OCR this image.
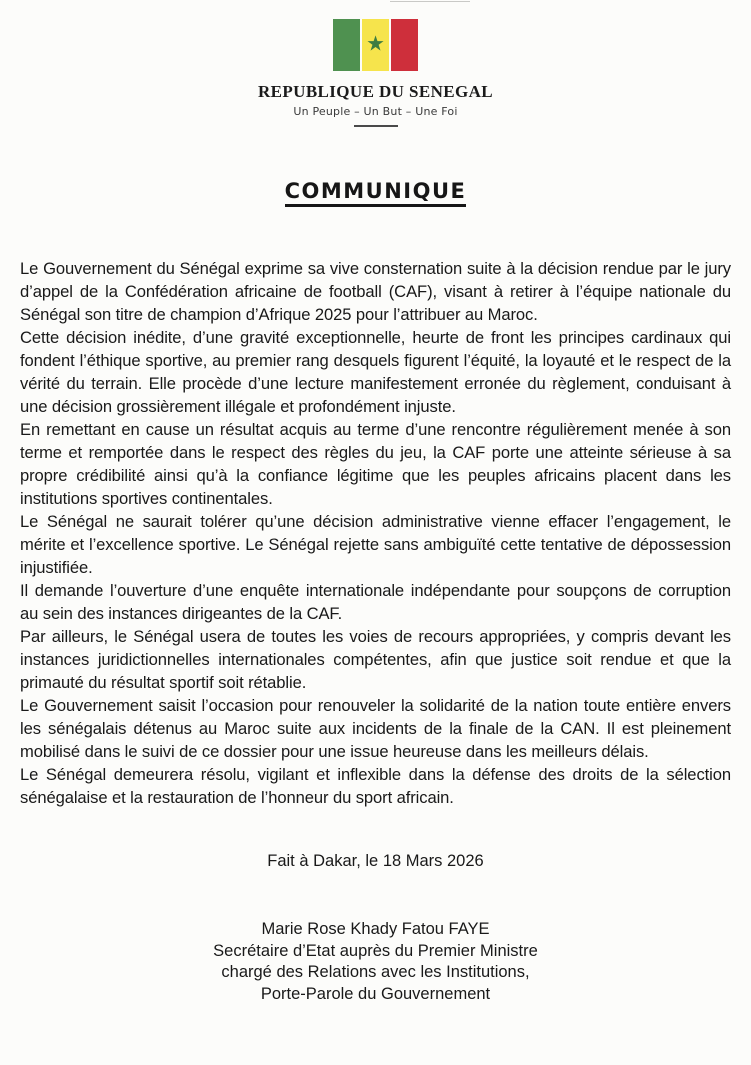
★
REPUBLIQUE DU SENEGAL
Un Peuple – Un But – Une Foi
COMMUNIQUE

Le Gouvernement du Sénégal exprime sa vive consternation suite à la décision rendue par le jury d’appel de la Confédération africaine de football (CAF), visant à retirer à l’équipe nationale du Sénégal son titre de champion d’Afrique 2025 pour l’attribuer au Maroc.

Cette décision inédite, d’une gravité exceptionnelle, heurte de front les principes cardinaux qui fondent l’éthique sportive, au premier rang desquels figurent l’équité, la loyauté et le respect de la vérité du terrain. Elle procède d’une lecture manifestement erronée du règlement, conduisant à une décision grossièrement illégale et profondément injuste.

En remettant en cause un résultat acquis au terme d’une rencontre régulièrement menée à son terme et remportée dans le respect des règles du jeu, la CAF porte une atteinte sérieuse à sa propre crédibilité ainsi qu’à la confiance légitime que les peuples africains placent dans les institutions sportives continentales.

Le Sénégal ne saurait tolérer qu’une décision administrative vienne effacer l’engagement, le mérite et l’excellence sportive. Le Sénégal rejette sans ambiguïté cette tentative de dépossession injustifiée.

Il demande l’ouverture d’une enquête internationale indépendante pour soupçons de corruption au sein des instances dirigeantes de la CAF.

Par ailleurs, le Sénégal usera de toutes les voies de recours appropriées, y compris devant les instances juridictionnelles internationales compétentes, afin que justice soit rendue et que la primauté du résultat sportif soit rétablie.

Le Gouvernement saisit l’occasion pour renouveler la solidarité de la nation toute entière envers les sénégalais détenus au Maroc suite aux incidents de la finale de la CAN. Il est pleinement mobilisé dans le suivi de ce dossier pour une issue heureuse dans les meilleurs délais.

Le Sénégal demeurera résolu, vigilant et inflexible dans la défense des droits de la sélection sénégalaise et la restauration de l’honneur du sport africain.

Fait à Dakar, le 18 Mars 2026
Marie Rose Khady Fatou FAYE
Secrétaire d’Etat auprès du Premier Ministre
chargé des Relations avec les Institutions,
Porte-Parole du Gouvernement
